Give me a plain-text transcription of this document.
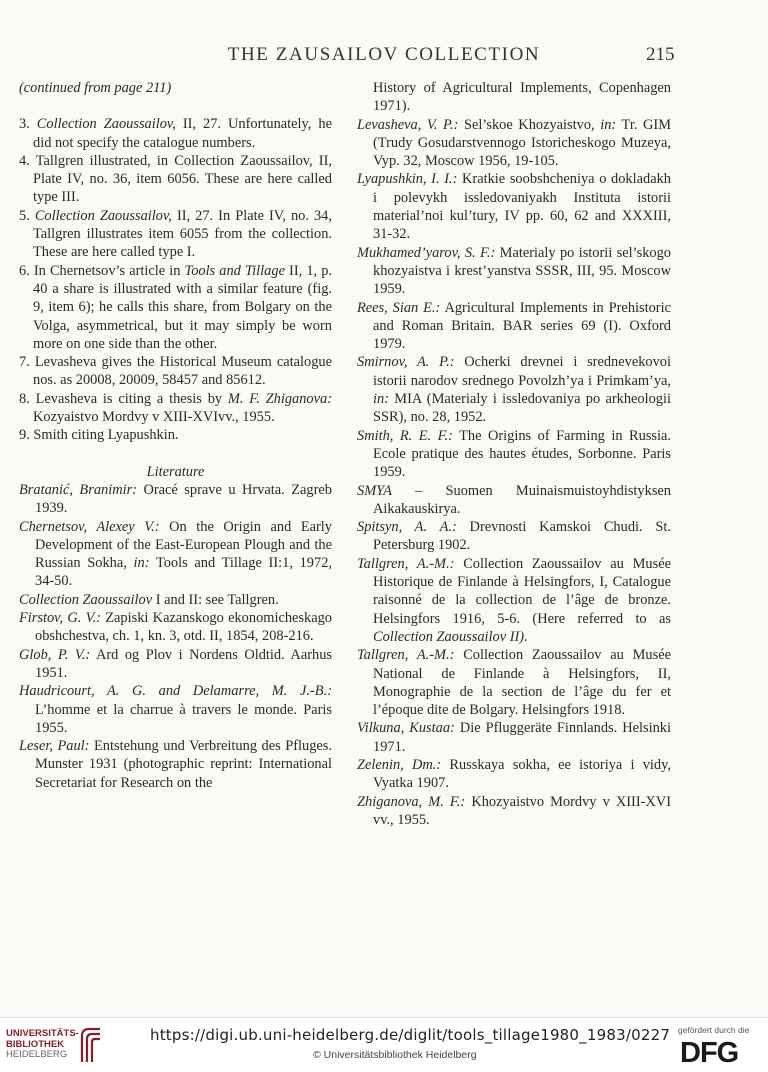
THE ZAUSAILOV COLLECTION	215
(continued from page 211)

3. Collection Zaoussailov, II, 27. Unfortunately, he did not specify the catalogue numbers.

4. Tallgren illustrated, in Collection Zaoussailov, II, Plate IV, no. 36, item 6056. These are here called type III.

5. Collection Zaoussailov, II, 27. In Plate IV, no. 34, Tallgren illustrates item 6055 from the collection. These are here called type I.

6. In Chernetsov’s article in Tools and Tillage II, 1, p. 40 a share is illustrated with a similar feature (fig. 9, item 6); he calls this share, from Bolgary on the Volga, asymmetrical, but it may simply be worn more on one side than the other.

7. Levasheva gives the Historical Museum catalogue nos. as 20008, 20009, 58457 and 85612.

8. Levasheva is citing a thesis by M. F. Zhiganova: Kozyaistvo Mordvy v XIII-XVIvv., 1955.

9. Smith citing Lyapushkin.

Literature

Bratanić, Branimir: Oracé sprave u Hrvata. Zagreb 1939.

Chernetsov, Alexey V.: On the Origin and Early Development of the East-European Plough and the Russian Sokha, in: Tools and Tillage II:1, 1972, 34-50.

Collection Zaoussailov I and II: see Tallgren.

Firstov, G. V.: Zapiski Kazanskogo ekonomicheskago obshchestva, ch. 1, kn. 3, otd. II, 1854, 208-216.

Glob, P. V.: Ard og Plov i Nordens Oldtid. Aarhus 1951.

Haudricourt, A. G. and Delamarre, M. J.-B.: L’homme et la charrue à travers le monde. Paris 1955.

Leser, Paul: Entstehung und Verbreitung des Pfluges. Munster 1931 (photographic reprint: International Secretariat for Research on the

History of Agricultural Implements, Copenhagen 1971).

Levasheva, V. P.: Sel’skoe Khozyaistvo, in: Tr. GIM (Trudy Gosudarstvennogo Istoricheskogo Muzeya, Vyp. 32, Moscow 1956, 19-105.

Lyapushkin, I. I.: Kratkie soobshcheniya o dokladakh i polevykh issledovaniyakh Instituta istorii material’noi kul’tury, IV pp. 60, 62 and XXXIII, 31-32.

Mukhamed’yarov, S. F.: Materialy po istorii sel’skogo khozyaistva i krest’yanstva SSSR, III, 95. Moscow 1959.

Rees, Sian E.: Agricultural Implements in Prehistoric and Roman Britain. BAR series 69 (I). Oxford 1979.

Smirnov, A. P.: Ocherki drevnei i srednevekovoi istorii narodov srednego Povolzh’ya i Primkam’ya, in: MIA (Materialy i issledovaniya po arkheologii SSR), no. 28, 1952.

Smith, R. E. F.: The Origins of Farming in Russia. Ecole pratique des hautes études, Sorbonne. Paris 1959.

SMYA – Suomen Muinaismuistoyhdistyksen Aikakauskirya.

Spitsyn, A. A.: Drevnosti Kamskoi Chudi. St. Petersburg 1902.

Tallgren, A.-M.: Collection Zaoussailov au Musée Historique de Finlande à Helsingfors, I, Catalogue raisonné de la collection de l’âge de bronze. Helsingfors 1916, 5-6. (Here referred to as Collection Zaoussailov II).

Tallgren, A.-M.: Collection Zaoussailov au Musée National de Finlande à Helsingfors, II, Monographie de la section de l’âge du fer et l’époque dite de Bolgary. Helsingfors 1918.

Vilkuna, Kustaa: Die Pfluggeräte Finnlands. Helsinki 1971.

Zelenin, Dm.: Russkaya sokha, ee istoriya i vidy, Vyatka 1907.

Zhiganova, M. F.: Khozyaistvo Mordvy v XIII-XVI vv., 1955.

UNIVERSITÄTS-
BIBLIOTHEK
HEIDELBERG
https://digi.ub.uni-heidelberg.de/diglit/tools_tillage1980_1983/0227
© Universitätsbibliothek Heidelberg
gefördert durch die
DFG
